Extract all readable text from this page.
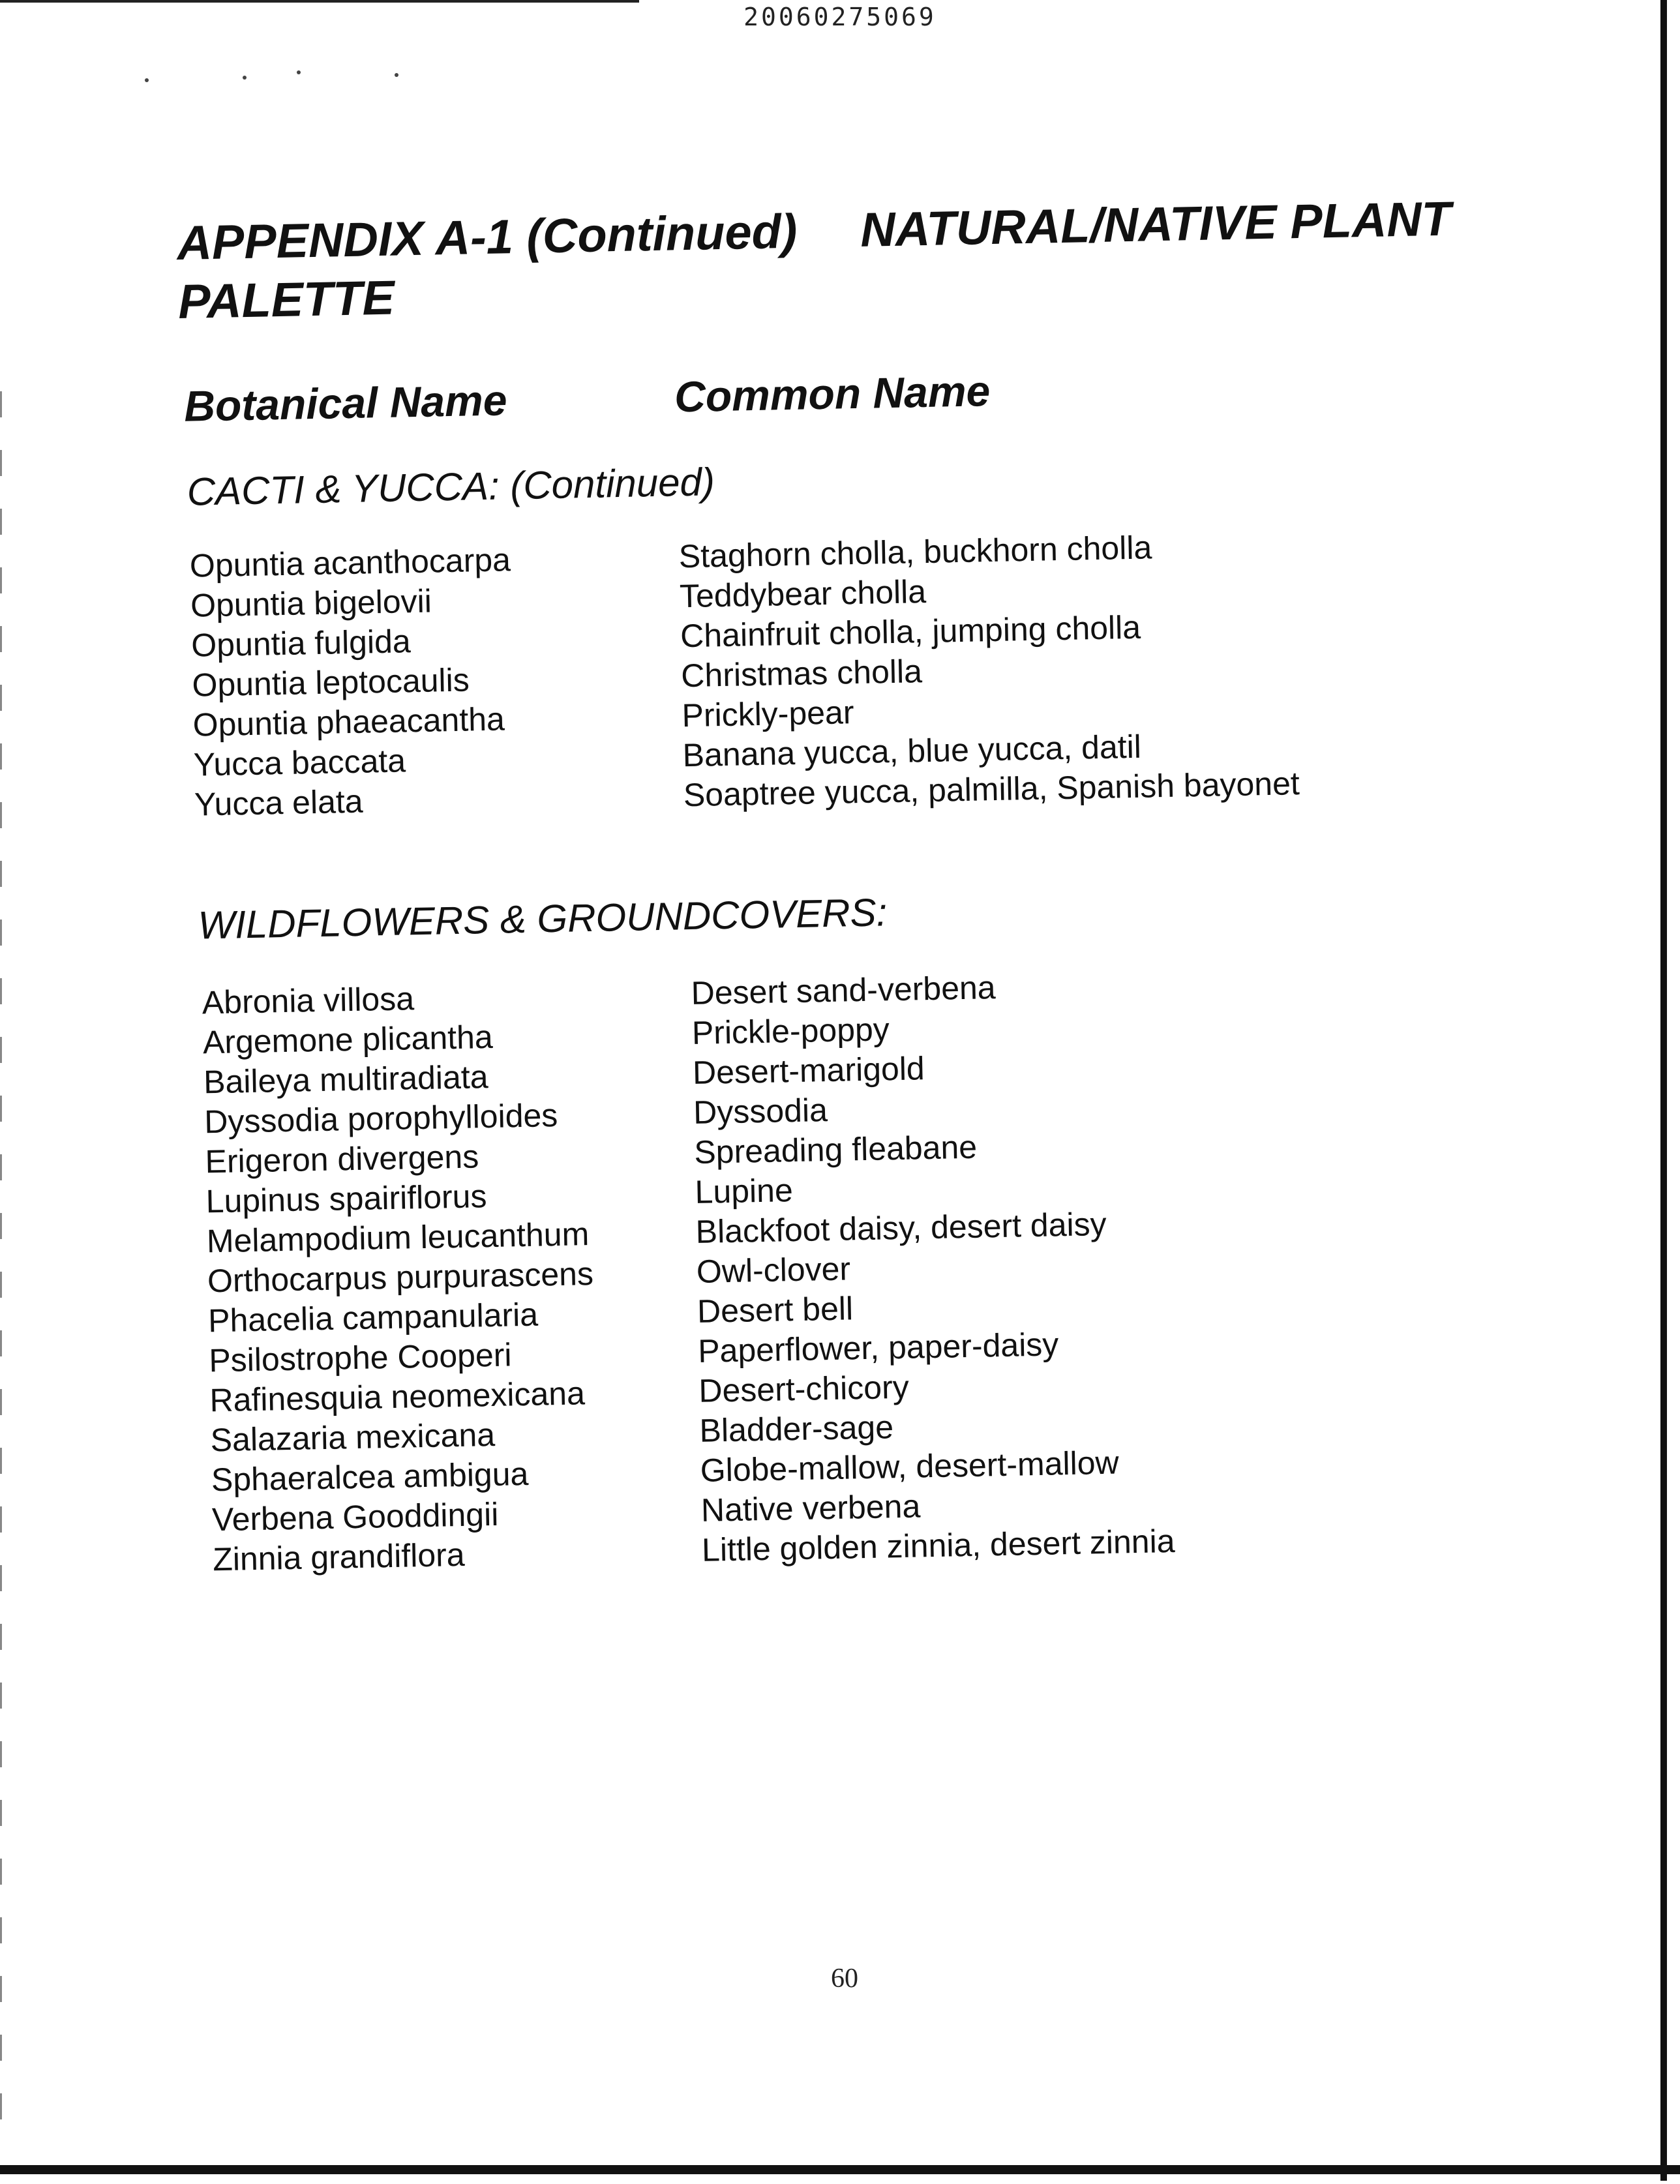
20060275069
APPENDIX A-1 (Continued) NATURAL/NATIVE PLANT
PALETTE
Botanical Name	Common Name
CACTI & YUCCA: (Continued)
Opuntia acanthocarpa
Opuntia bigelovii
Opuntia fulgida
Opuntia leptocaulis
Opuntia phaeacantha
Yucca baccata
Yucca elata
Staghorn cholla, buckhorn cholla
Teddybear cholla
Chainfruit cholla, jumping cholla
Christmas cholla
Prickly-pear
Banana yucca, blue yucca, datil
Soaptree yucca, palmilla, Spanish bayonet
WILDFLOWERS & GROUNDCOVERS:
Abronia villosa
Argemone plicantha
Baileya multiradiata
Dyssodia porophylloides
Erigeron divergens
Lupinus spairiflorus
Melampodium leucanthum
Orthocarpus purpurascens
Phacelia campanularia
Psilostrophe Cooperi
Rafinesquia neomexicana
Salazaria mexicana
Sphaeralcea ambigua
Verbena Gooddingii
Zinnia grandiflora
Desert sand-verbena
Prickle-poppy
Desert-marigold
Dyssodia
Spreading fleabane
Lupine
Blackfoot daisy, desert daisy
Owl-clover
Desert bell
Paperflower, paper-daisy
Desert-chicory
Bladder-sage
Globe-mallow, desert-mallow
Native verbena
Little golden zinnia, desert zinnia
60
